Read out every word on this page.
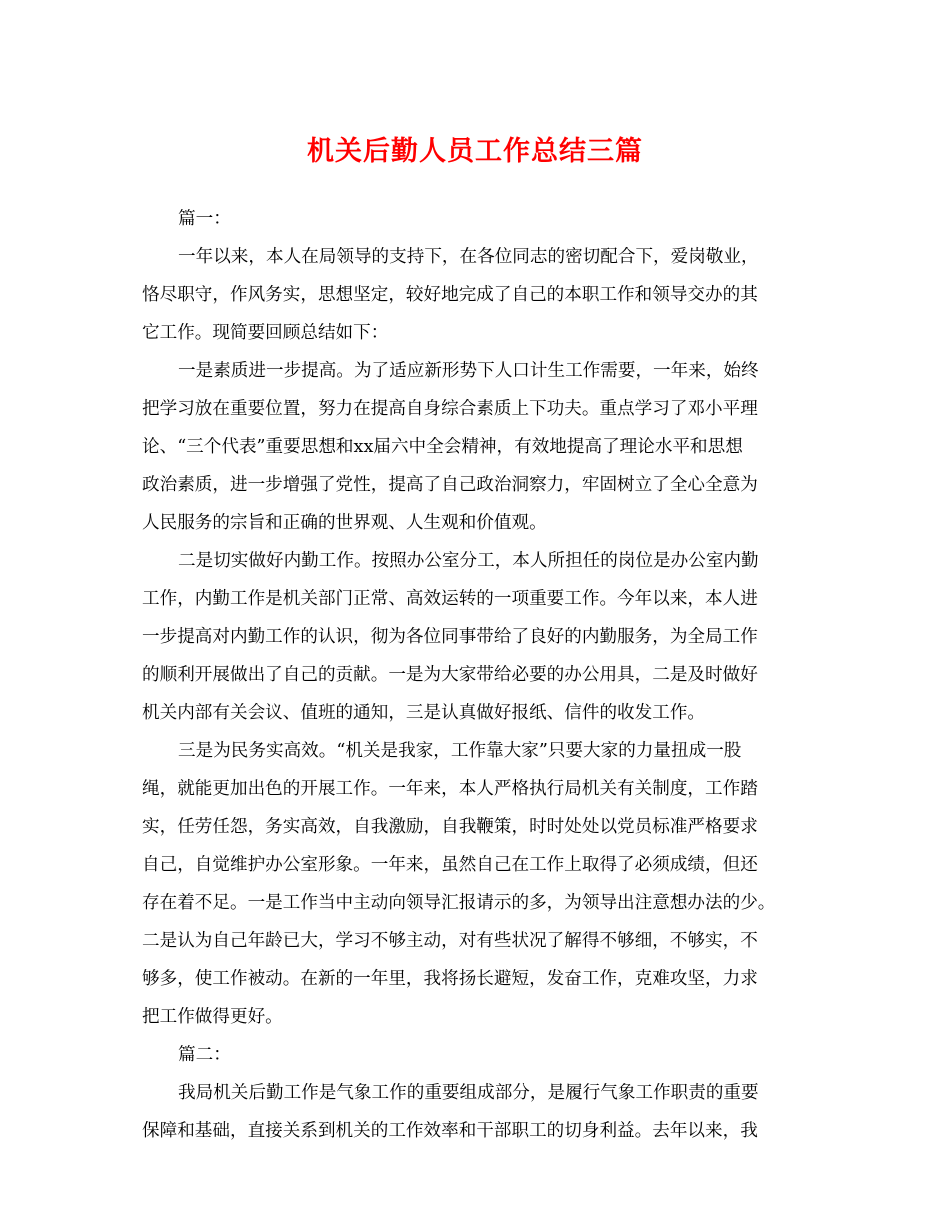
机关后勤人员工作总结三篇
篇一：
一年以来，本人在局领导的支持下，在各位同志的密切配合下，爱岗敬业，
恪尽职守，作风务实，思想坚定，较好地完成了自己的本职工作和领导交办的其
它工作。现简要回顾总结如下：
一是素质进一步提高。为了适应新形势下人口计生工作需要，一年来，始终
把学习放在重要位置，努力在提高自身综合素质上下功夫。重点学习了邓小平理
论、“三个代表”重要思想和xx届六中全会精神，有效地提高了理论水平和思想
政治素质，进一步增强了党性，提高了自己政治洞察力，牢固树立了全心全意为
人民服务的宗旨和正确的世界观、人生观和价值观。
二是切实做好内勤工作。按照办公室分工，本人所担任的岗位是办公室内勤
工作，内勤工作是机关部门正常、高效运转的一项重要工作。今年以来，本人进
一步提高对内勤工作的认识，彻为各位同事带给了良好的内勤服务，为全局工作
的顺利开展做出了自己的贡献。一是为大家带给必要的办公用具，二是及时做好
机关内部有关会议、值班的通知，三是认真做好报纸、信件的收发工作。
三是为民务实高效。“机关是我家，工作靠大家”只要大家的力量扭成一股
绳，就能更加出色的开展工作。一年来，本人严格执行局机关有关制度，工作踏
实，任劳任怨，务实高效，自我激励，自我鞭策，时时处处以党员标准严格要求
自己，自觉维护办公室形象。一年来，虽然自己在工作上取得了必须成绩，但还
存在着不足。一是工作当中主动向领导汇报请示的多，为领导出注意想办法的少。
二是认为自己年龄已大，学习不够主动，对有些状况了解得不够细，不够实，不
够多，使工作被动。在新的一年里，我将扬长避短，发奋工作，克难攻坚，力求
把工作做得更好。
篇二：
我局机关后勤工作是气象工作的重要组成部分，是履行气象工作职责的重要
保障和基础，直接关系到机关的工作效率和干部职工的切身利益。去年以来，我
